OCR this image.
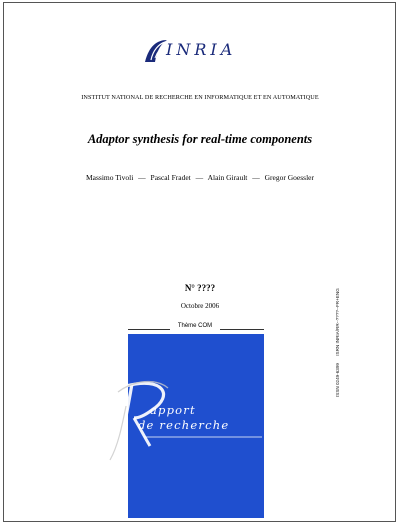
INRIA
INSTITUT NATIONAL DE RECHERCHE EN INFORMATIQUE ET EN AUTOMATIQUE
Adaptor synthesis for real-time components
Massimo Tivoli — Pascal Fradet — Alain Girault — Gregor Goessler
N° ????
Octobre 2006
Thème COM
apport
de recherche
ISSN 0249-6399 ISRN INRIA/RR--????--FR+ENG
